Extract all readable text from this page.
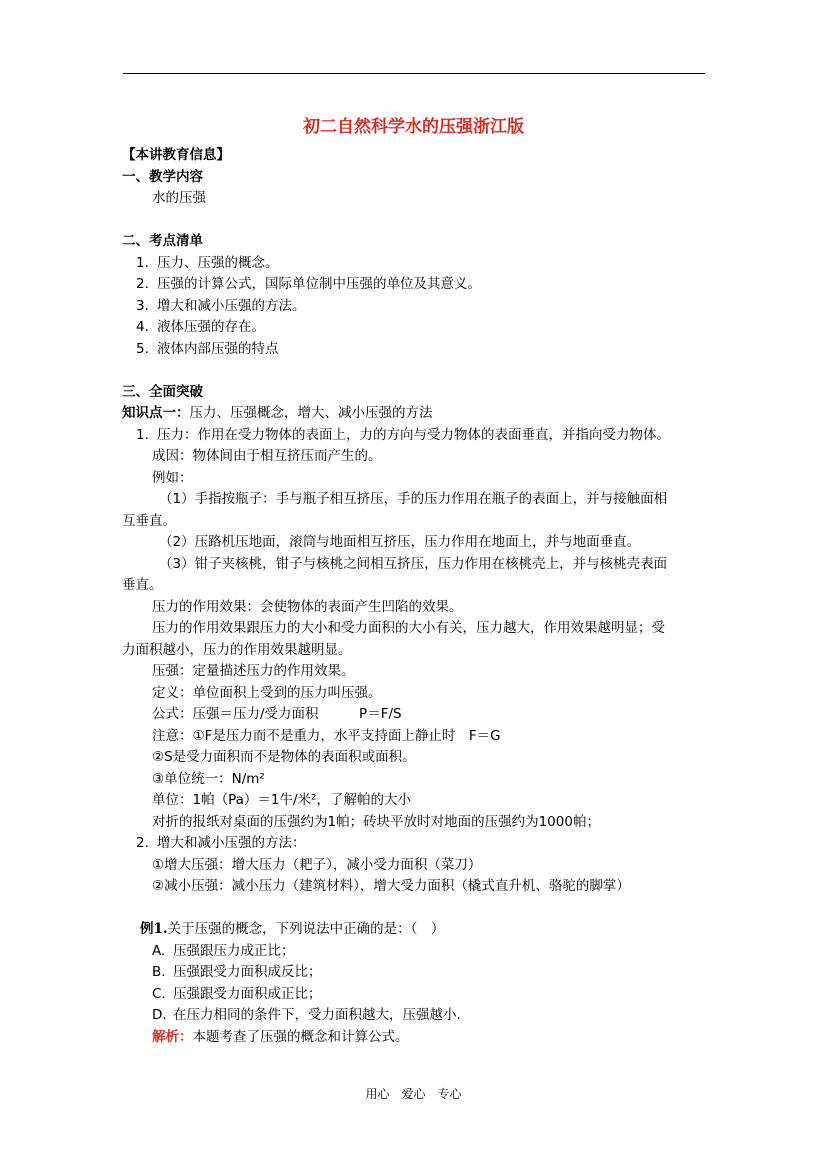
初二自然科学水的压强浙江版
【本讲教育信息】
一、教学内容
水的压强
二、考点清单
1. 压力、压强的概念。
2. 压强的计算公式，国际单位制中压强的单位及其意义。
3. 增大和减小压强的方法。
4. 液体压强的存在。
5. 液体内部压强的特点
三、全面突破
知识点一：压力、压强概念，增大、减小压强的方法
1. 压力：作用在受力物体的表面上，力的方向与受力物体的表面垂直，并指向受力物体。
成因：物体间由于相互挤压而产生的。
例如：
（1）手指按瓶子：手与瓶子相互挤压，手的压力作用在瓶子的表面上，并与接触面相
互垂直。
（2）压路机压地面，滚筒与地面相互挤压，压力作用在地面上，并与地面垂直。
（3）钳子夹核桃，钳子与核桃之间相互挤压，压力作用在核桃壳上，并与核桃壳表面
垂直。
压力的作用效果：会使物体的表面产生凹陷的效果。
压力的作用效果跟压力的大小和受力面积的大小有关，压力越大，作用效果越明显；受
力面积越小，压力的作用效果越明显。
压强：定量描述压力的作用效果。
定义：单位面积上受到的压力叫压强。
公式：压强＝压力/受力面积　　　P＝F/S
注意：①F是压力而不是重力，水平支持面上静止时　F＝G
②S是受力面积而不是物体的表面积或面积。
③单位统一：N/m²
单位：1帕（Pa）＝1牛/米²，了解帕的大小
对折的报纸对桌面的压强约为1帕；砖块平放时对地面的压强约为1000帕；
2. 增大和减小压强的方法：
①增大压强：增大压力（耙子），减小受力面积（菜刀）
②减小压强：减小压力（建筑材料），增大受力面积（橇式直升机、骆驼的脚掌）
例1.关于压强的概念，下列说法中正确的是：（　）
A. 压强跟压力成正比；
B. 压强跟受力面积成反比；
C. 压强跟受力面积成正比；
D. 在压力相同的条件下，受力面积越大，压强越小.
解析：本题考查了压强的概念和计算公式。
用心　爱心　专心
